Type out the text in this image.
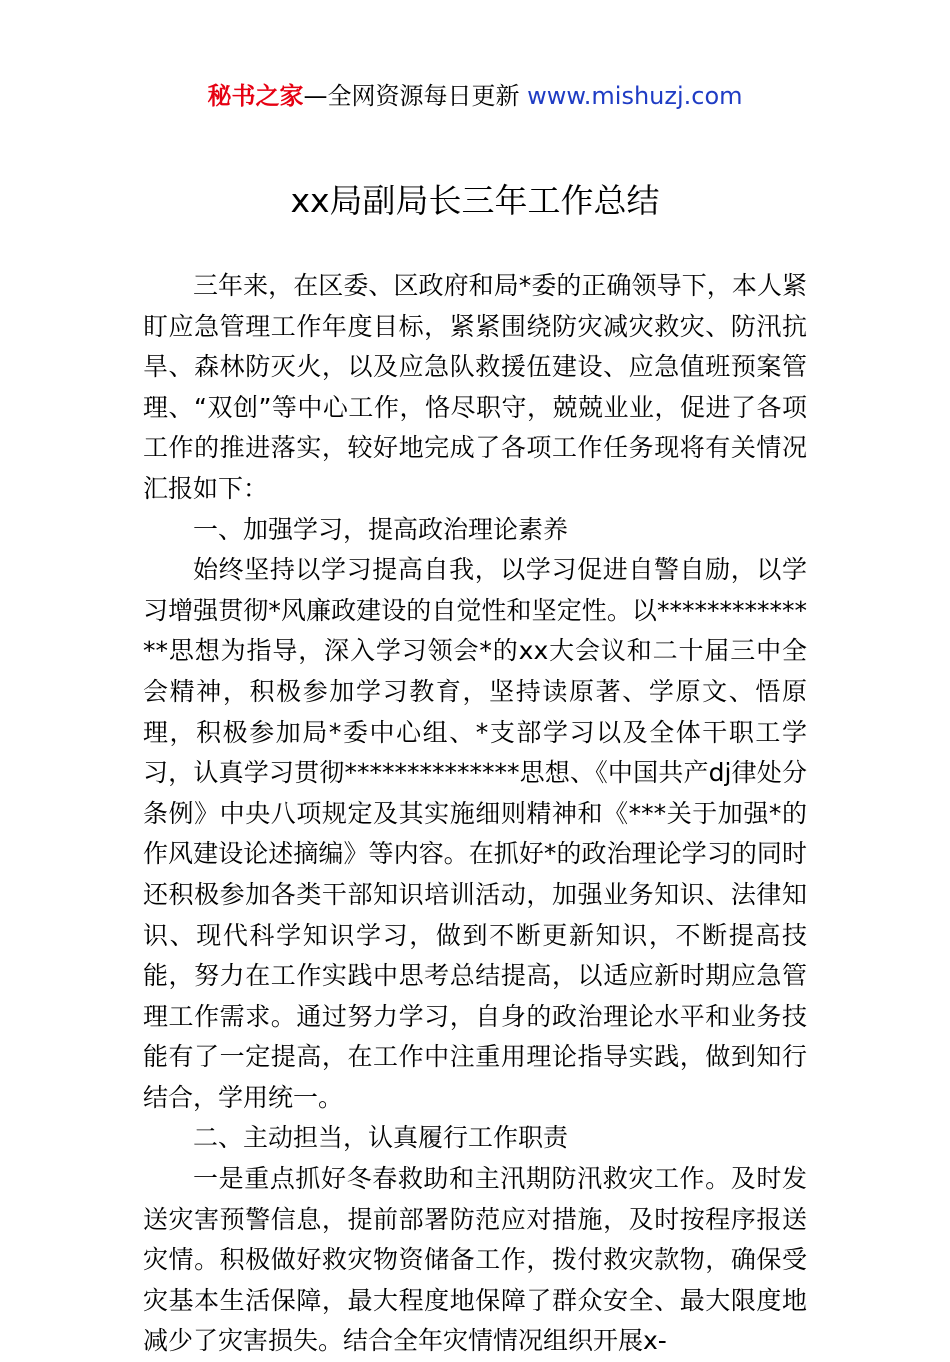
秘书之家—全网资源每日更新 www.mishuzj.com
xx局副局长三年工作总结

三年来，在区委、区政府和局*委的正确领导下，本人紧盯应急管理工作年度目标，紧紧围绕防灾减灾救灾、防汛抗旱、森林防灭火，以及应急队救援伍建设、应急值班预案管理、“双创”等中心工作，恪尽职守，兢兢业业，促进了各项工作的推进落实，较好地完成了各项工作任务现将有关情况汇报如下：

一、加强学习，提高政治理论素养

始终坚持以学习提高自我，以学习促进自警自励，以学习增强贯彻*风廉政建设的自觉性和坚定性。以**************思想为指导，深入学习领会*的xx大会议和二十届三中全会精神，积极参加学习教育，坚持读原著、学原文、悟原理，积极参加局*委中心组、*支部学习以及全体干职工学习，认真学习贯彻**************思想、《中国共产dj律处分条例》中央八项规定及其实施细则精神和《***关于加强*的作风建设论述摘编》等内容。在抓好*的政治理论学习的同时还积极参加各类干部知识培训活动，加强业务知识、法律知识、现代科学知识学习，做到不断更新知识，不断提高技能，努力在工作实践中思考总结提高，以适应新时期应急管理工作需求。通过努力学习，自身的政治理论水平和业务技能有了一定提高，在工作中注重用理论指导实践，做到知行结合，学用统一。

二、主动担当，认真履行工作职责

一是重点抓好冬春救助和主汛期防汛救灾工作。及时发送灾害预警信息，提前部署防范应对措施，及时按程序报送灾情。积极做好救灾物资储备工作，拨付救灾款物，确保受灾基本生活保障，最大程度地保障了群众安全、最大限度地减少了灾害损失。结合全年灾情情况组织开展x-
